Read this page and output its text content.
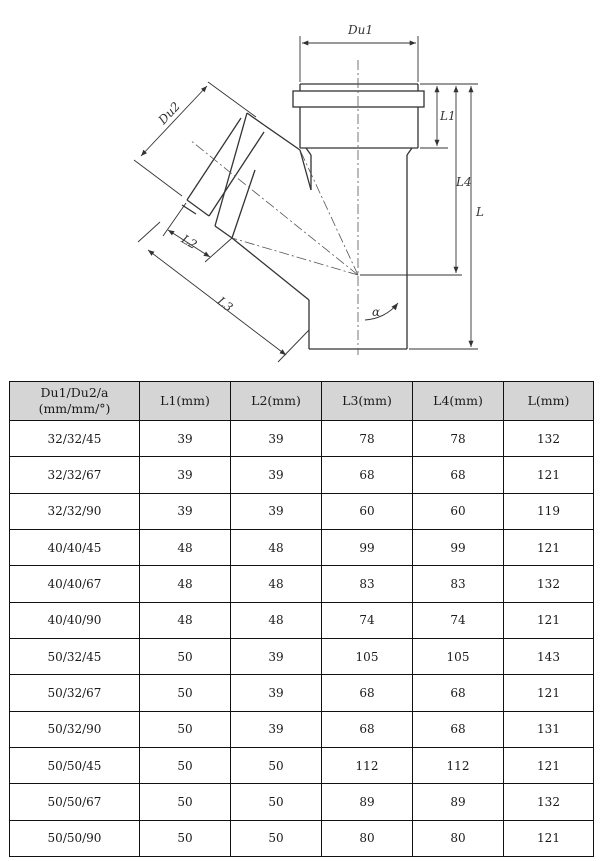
α
Du1
L1
L4
L
Du2
L2
L3
Du1/Du2/a
(mm/mm/°)	L1(mm)	L2(mm)	L3(mm)	L4(mm)	L(mm)
32/32/45	39	39	78	78	132
32/32/67	39	39	68	68	121
32/32/90	39	39	60	60	119
40/40/45	48	48	99	99	121
40/40/67	48	48	83	83	132
40/40/90	48	48	74	74	121
50/32/45	50	39	105	105	143
50/32/67	50	39	68	68	121
50/32/90	50	39	68	68	131
50/50/45	50	50	112	112	121
50/50/67	50	50	89	89	132
50/50/90	50	50	80	80	121
